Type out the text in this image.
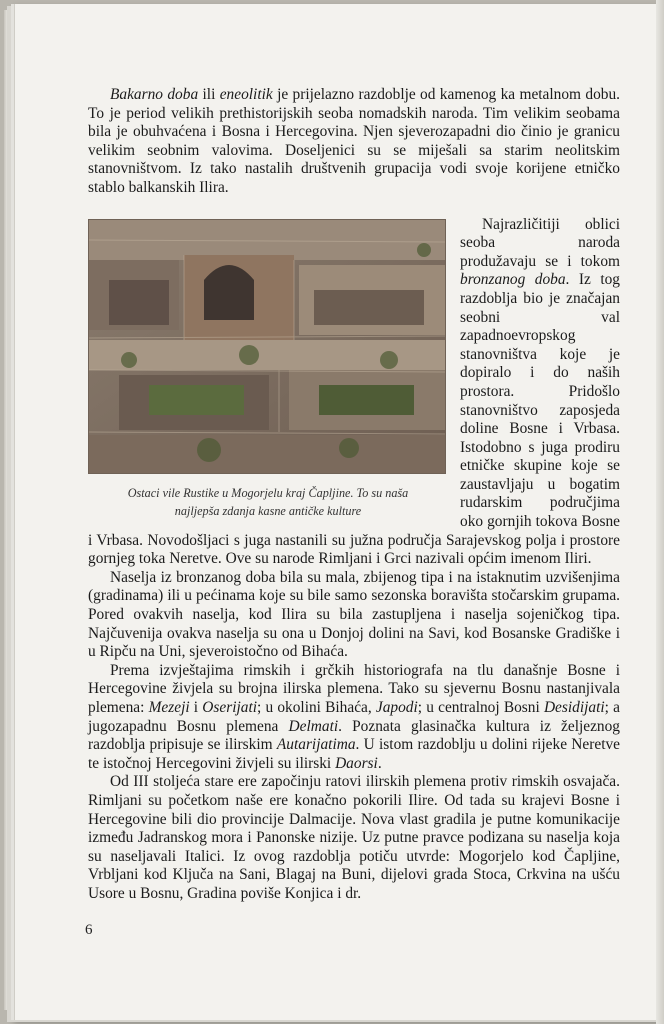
Bakarno doba ili eneolitik je prijelazno razdoblje od kamenog ka metalnom dobu. To je period velikih prethistorijskih seoba nomadskih naroda. Tim velikim seobama bila je obuhvaćena i Bosna i Hercegovina. Njen sjeverozapadni dio činio je granicu velikim seobnim valovima. Doseljenici su se miješali sa starim neolitskim stanovništvom. Iz tako nastalih društvenih grupacija vodi svoje korijene etničko stablo balkanskih Ilira.

Ostaci vile Rustike u Mogorjelu kraj Čapljine. To su naša
najljepša zdanja kasne antičke kulture
Najrazličitiji oblici seoba naroda produžavaju se i tokom bronzanog doba. Iz tog razdoblja bio je značajan seobni val zapadnoevropskog stanovništva koje je dopiralo i do naših prostora. Pridošlo stanovništvo zaposjeda doline Bosne i Vrbasa. Istodobno s juga prodiru etničke skupine koje se zaustavljaju u bogatim rudarskim područjima oko gornjih tokova Bosne i Vrbasa. Novodošljaci s juga nastanili su južna područja Sarajevskog polja i prostore gornjeg toka Neretve. Ove su narode Rimljani i Grci nazivali općim imenom Iliri.

Naselja iz bronzanog doba bila su mala, zbijenog tipa i na istaknutim uzvišenjima (gradinama) ili u pećinama koje su bile samo sezonska boravišta stočarskim grupama. Pored ovakvih naselja, kod Ilira su bila zastupljena i naselja sojeničkog tipa. Najčuvenija ovakva naselja su ona u Donjoj dolini na Savi, kod Bosanske Gradiške i u Ripču na Uni, sjeveroistočno od Bihaća.

Prema izvještajima rimskih i grčkih historiografa na tlu današnje Bosne i Hercegovine živjela su brojna ilirska plemena. Tako su sjevernu Bosnu nastanjivala plemena: Mezeji i Oserijati; u okolini Bihaća, Japodi; u centralnoj Bosni Desidijati; a jugozapadnu Bosnu plemena Delmati. Poznata glasinačka kultura iz željeznog razdoblja pripisuje se ilirskim Autarijatima. U istom razdoblju u dolini rijeke Neretve te istočnoj Hercegovini živjeli su ilirski Daorsi.

Od III stoljeća stare ere započinju ratovi ilirskih plemena protiv rimskih osvajača. Rimljani su početkom naše ere konačno pokorili Ilire. Od tada su krajevi Bosne i Hercegovine bili dio provincije Dalmacije. Nova vlast gradila je putne komunikacije između Jadranskog mora i Panonske nizije. Uz putne pravce podizana su naselja koja su naseljavali Italici. Iz ovog razdoblja potiču utvrde: Mogorjelo kod Čapljine, Vrbljani kod Ključa na Sani, Blagaj na Buni, dijelovi grada Stoca, Crkvina na ušću Usore u Bosnu, Gradina poviše Konjica i dr.

6
